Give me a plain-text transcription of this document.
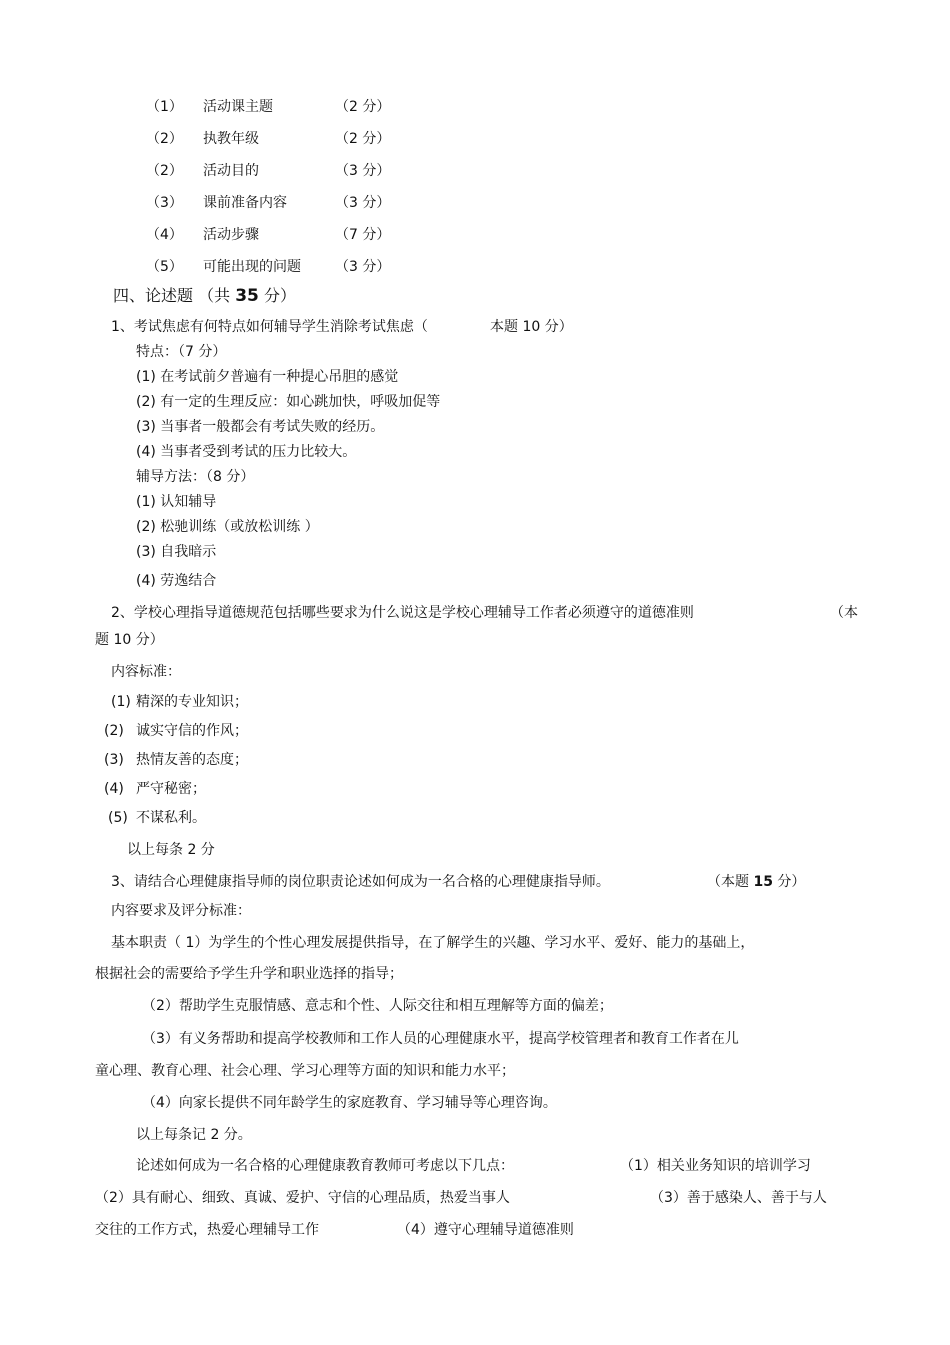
（1） 活动课主题	（2 分）
（2） 执教年级	（2 分）
（2） 活动目的	（3 分）
（3） 课前准备内容	（3 分）
（4） 活动步骤	（7 分）
（5） 可能出现的问题 （3 分）
四、论述题 （共 35 分）
1、考试焦虑有何特点如何辅导学生消除考试焦虑（	本题 10 分）
特点：（7 分）
(1) 在考试前夕普遍有一种提心吊胆的感觉
(2) 有一定的生理反应：如心跳加快，呼吸加促等
(3) 当事者一般都会有考试失败的经历。
(4) 当事者受到考试的压力比较大。
辅导方法：（8 分）
(1) 认知辅导
(2) 松驰训练（或放松训练 ）
(3) 自我暗示
(4) 劳逸结合
2、学校心理指导道德规范包括哪些要求为什么说这是学校心理辅导工作者必须遵守的道德准则	（本
题 10 分）
内容标准：
(1) 精深的专业知识；
(2) 诚实守信的作风；
(3) 热情友善的态度；
(4) 严守秘密；
(5) 不谋私利。
以上每条 2 分
3、请结合心理健康指导师的岗位职责论述如何成为一名合格的心理健康指导师。	（本题 15 分）
内容要求及评分标准：
基本职责（ 1）为学生的个性心理发展提供指导，在了解学生的兴趣、学习水平、爱好、能力的基础上，
根据社会的需要给予学生升学和职业选择的指导；
（2）帮助学生克服情感、意志和个性、人际交往和相互理解等方面的偏差；
（3）有义务帮助和提高学校教师和工作人员的心理健康水平，提高学校管理者和教育工作者在儿
童心理、教育心理、社会心理、学习心理等方面的知识和能力水平；
（4）向家长提供不同年龄学生的家庭教育、学习辅导等心理咨询。
以上每条记 2 分。
论述如何成为一名合格的心理健康教育教师可考虑以下几点：	（1）相关业务知识的培训学习
（2）具有耐心、细致、真诚、爱护、守信的心理品质，热爱当事人	（3）善于感染人、善于与人
交往的工作方式，热爱心理辅导工作	（4）遵守心理辅导道德准则
